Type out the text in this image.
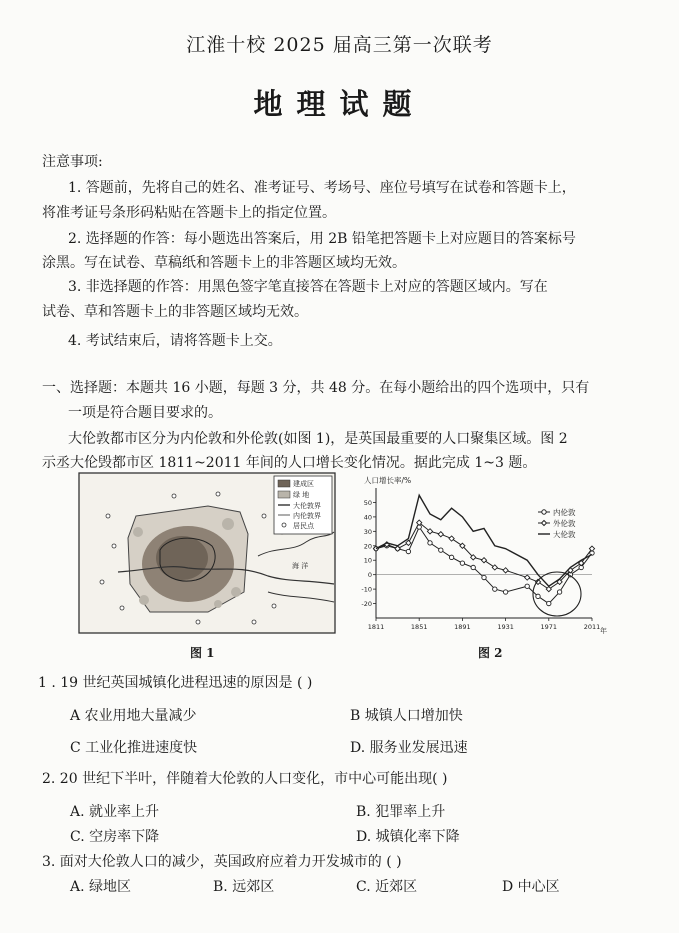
江淮十校 2025 届高三第一次联考
地理试题
注意事项:
1. 答题前，先将自己的姓名、准考证号、考场号、座位号填写在试卷和答题卡上，
将准考证号条形码粘贴在答题卡上的指定位置。
2. 选择题的作答：每小题选出答案后，用 2B 铅笔把答题卡上对应题目的答案标号
涂黑。写在试卷、草稿纸和答题卡上的非答题区域均无效。
3. 非选择题的作答：用黑色签字笔直接答在答题卡上对应的答题区域内。写在
试卷、草和答题卡上的非答题区域均无效。
4. 考试结束后，请将答题卡上交。
一、选择题：本题共 16 小题，每题 3 分，共 48 分。在每小题给出的四个选项中，只有
一项是符合题目要求的。
大伦敦都市区分为内伦敦和外伦敦(如图 1)，是英国最重要的人口聚集区域。图 2
示丞大伦毁都市区 1811~2011 年间的人口增长变化情况。据此完成 1~3 题。
建成区
绿 地
大伦敦界
内伦敦界
居民点
海 洋
图 1
人口增长率/%
年
-20
-10
0
10
20
30
40
50
1811	1851	1891	1931	1971	2011
内伦敦
外伦敦
大伦敦
图 2
1 . 19 世纪英国城镇化进程迅速的原因是 ( )
A 农业用地大量减少	B 城镇人口增加快
C 工业化推进速度快	D. 服务业发展迅速
2. 20 世纪下半叶，伴随着大伦敦的人口变化，市中心可能出现( )
A. 就业率上升	B. 犯罪率上升
C. 空房率下降	D. 城镇化率下降
3. 面对大伦敦人口的减少，英国政府应着力开发城市的 ( )
A. 绿地区	B. 远郊区	C. 近郊区	D 中心区
